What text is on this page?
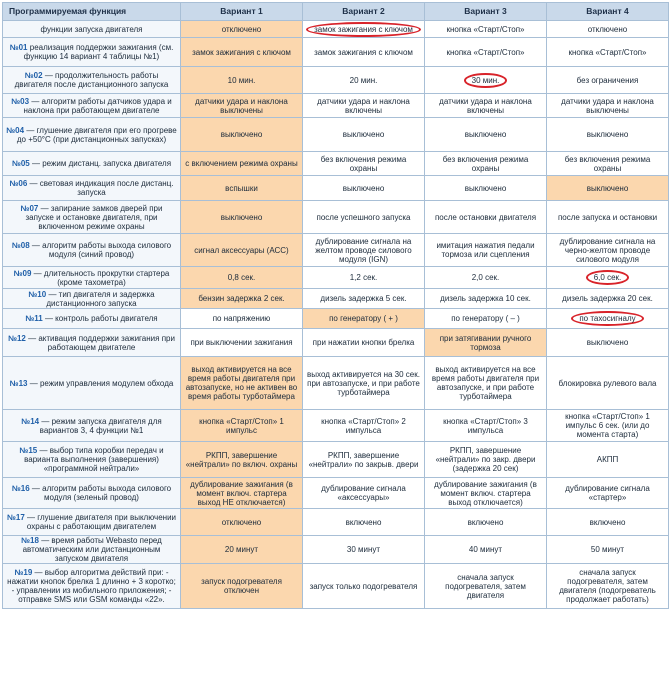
Программируемая функция	Вариант 1	Вариант 2	Вариант 3	Вариант 4
функции запуска двигателя	отключено	замок зажигания с ключом	кнопка «Старт/Стоп»	отключено
№01 реализация поддержки зажигания (см. функцию 14 вариант 4 таблицы №1)	замок зажигания с ключом	замок зажигания с ключом	кнопка «Старт/Стоп»	кнопка «Старт/Стоп»
№02 — продолжительность работы двигателя после дистанционного запуска	10 мин.	20 мин.	30 мин.	без ограничения
№03 — алгоритм работы датчиков удара и наклона при работающем двигателе	датчики удара и наклона выключены	датчики удара и наклона включены	датчики удара и наклона включены	датчики удара и наклона выключены
№04 — глушение двигателя при его прогреве до +50°С (при дистанционных запусках)	выключено	выключено	выключено	выключено
№05 — режим дистанц. запуска двигателя	с включением режима охраны	без включения режима охраны	без включения режима охраны	без включения режима охраны
№06 — световая индикация после дистанц. запуска	вспышки	выключено	выключено	выключено
№07 — запирание замков дверей при запуске и остановке двигателя, при включенном режиме охраны	выключено	после успешного запуска	после остановки двигателя	после запуска и остановки
№08 — алгоритм работы выхода силового модуля (синий провод)	сигнал аксессуары (АСС)	дублирование сигнала на желтом проводе силового модуля (IGN)	имитация нажатия педали тормоза или сцепления	дублирование сигнала на черно-желтом проводе силового модуля
№09 — длительность прокрутки стартера (кроме тахометра)	0,8 сек.	1,2 сек.	2,0 сек.	6,0 сек.
№10 — тип двигателя и задержка дистанционного запуска	бензин задержка 2 сек.	дизель задержка 5 сек.	дизель задержка 10 сек.	дизель задержка 20 сек.
№11 — контроль работы двигателя	по напряжению	по генератору ( + )	по генератору ( – )	по тахосигналу
№12 — активация поддержки зажигания при работающем двигателе	при выключении зажигания	при нажатии кнопки брелка	при затягивании ручного тормоза	выключено
№13 — режим управления модулем обхода	выход активируется на все время работы двигателя при автозапуске, но не активен во время работы турботаймера	выход активируется на 30 сек. при автозапуске, и при работе турботаймера	выход активируется на все время работы двигателя при автозапуске, и при работе турботаймера	блокировка рулевого вала
№14 — режим запуска двигателя для вариантов 3, 4 функции №1	кнопка «Старт/Стоп» 1 импульс	кнопка «Старт/Стоп» 2 импульса	кнопка «Старт/Стоп» 3 импульса	кнопка «Старт/Стоп» 1 импульс 6 сек. (или до момента старта)
№15 — выбор типа коробки передач и варианта выполнения (завершения) «программной нейтрали»	РКПП, завершение «нейтрали» по включ. охраны	РКПП, завершение «нейтрали» по закрыв. двери	РКПП, завершение «нейтрали» по закр. двери (задержка 20 сек)	АКПП
№16 — алгоритм работы выхода силового модуля (зеленый провод)	дублирование зажигания (в момент включ. стартера выход НЕ отключается)	дублирование сигнала «аксессуары»	дублирование зажигания (в момент включ. стартера выход отключается)	дублирование сигнала «стартер»
№17 — глушение двигателя при выключении охраны с работающим двигателем	отключено	включено	включено	включено
№18 — время работы Webasto перед автоматическим или дистанционным запуском двигателя	20 минут	30 минут	40 минут	50 минут
№19 — выбор алгоритма действий при: - нажатии кнопок брелка 1 длинно + 3 коротко; - управлении из мобильного приложения; - отправке SMS или GSM команды «22».	запуск подогревателя отключен	запуск только подогревателя	сначала запуск подогревателя, затем двигателя	сначала запуск подогревателя, затем двигателя (подогреватель продолжает работать)
